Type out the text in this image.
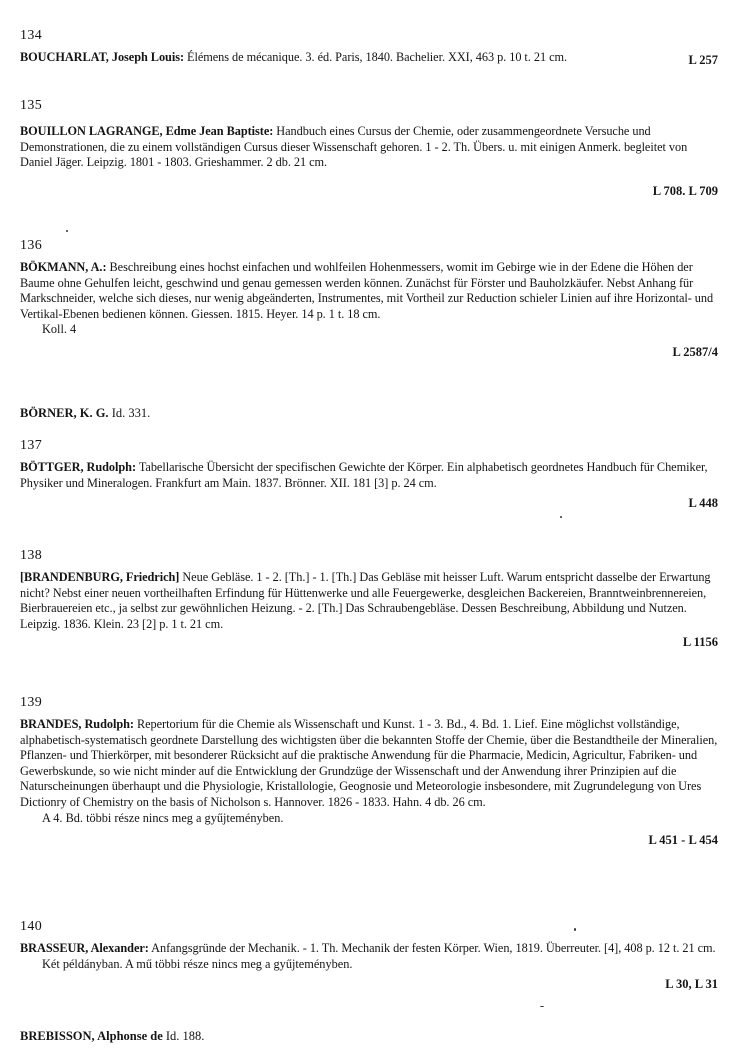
134
BOUCHARLAT, Joseph Louis: Élémens de mécanique. 3. éd. Paris, 1840. Bachelier. XXI, 463 p. 10 t. 21 cm.	L 257
135
BOUILLON LAGRANGE, Edme Jean Baptiste: Handbuch eines Cursus der Chemie, oder zusammengeordnete Versuche und Demonstrationen, die zu einem vollständigen Cursus dieser Wissenschaft gehoren. 1 - 2. Th. Übers. u. mit einigen Anmerk. begleitet von Daniel Jäger. Leipzig. 1801 - 1803. Grieshammer. 2 db. 21 cm.
L 708. L 709
136
BÖKMANN, A.: Beschreibung eines hochst einfachen und wohlfeilen Hohenmessers, womit im Gebirge wie in der Edene die Höhen der Baume ohne Gehulfen leicht, geschwind und genau gemessen werden können. Zunächst für Förster und Bauholzkäufer. Nebst Anhang für Markschneider, welche sich dieses, nur wenig abgeänderten, Instrumentes, mit Vortheil zur Reduction schieler Linien auf ihre Horizontal- und Vertikal-Ebenen bedienen können. Giessen. 1815. Heyer. 14 p. 1 t. 18 cm.
Koll. 4
L 2587/4
BÖRNER, K. G. Id. 331.
137
BÖTTGER, Rudolph: Tabellarische Übersicht der specifischen Gewichte der Körper. Ein alphabetisch geordnetes Handbuch für Chemiker, Physiker und Mineralogen. Frankfurt am Main. 1837. Brönner. XII. 181 [3] p. 24 cm.
L 448
138
[BRANDENBURG, Friedrich] Neue Gebläse. 1 - 2. [Th.] - 1. [Th.] Das Gebläse mit heisser Luft. Warum entspricht dasselbe der Erwartung nicht? Nebst einer neuen vortheilhaften Erfindung für Hüttenwerke und alle Feuergewerke, desgleichen Backereien, Branntweinbrennereien, Bierbrauereien etc., ja selbst zur gewöhnlichen Heizung. - 2. [Th.] Das Schraubengebläse. Dessen Beschreibung, Abbildung und Nutzen. Leipzig. 1836. Klein. 23 [2] p. 1 t. 21 cm.
L 1156
139
BRANDES, Rudolph: Repertorium für die Chemie als Wissenschaft und Kunst. 1 - 3. Bd., 4. Bd. 1. Lief. Eine möglichst vollständige, alphabetisch-systematisch geordnete Darstellung des wichtigsten über die bekannten Stoffe der Chemie, über die Bestandtheile der Mineralien, Pflanzen- und Thierkörper, mit besonderer Rücksicht auf die praktische Anwendung für die Pharmacie, Medicin, Agricultur, Fabriken- und Gewerbskunde, so wie nicht minder auf die Entwicklung der Grundzüge der Wissenschaft und der Anwendung ihrer Prinzipien auf die Naturscheinungen überhaupt und die Physiologie, Kristallologie, Geognosie und Meteorologie insbesondere, mit Zugrundelegung von Ures Dictionry of Chemistry on the basis of Nicholson s. Hannover. 1826 - 1833. Hahn. 4 db. 26 cm.
A 4. Bd. többi része nincs meg a gyűjteményben.
L 451 - L 454
140
BRASSEUR, Alexander: Anfangsgründe der Mechanik. - 1. Th. Mechanik der festen Körper. Wien, 1819. Überreuter. [4], 408 p. 12 t. 21 cm.
Két példányban. A mű többi része nincs meg a gyűjteményben.
L 30, L 31
BREBISSON, Alphonse de Id. 188.
